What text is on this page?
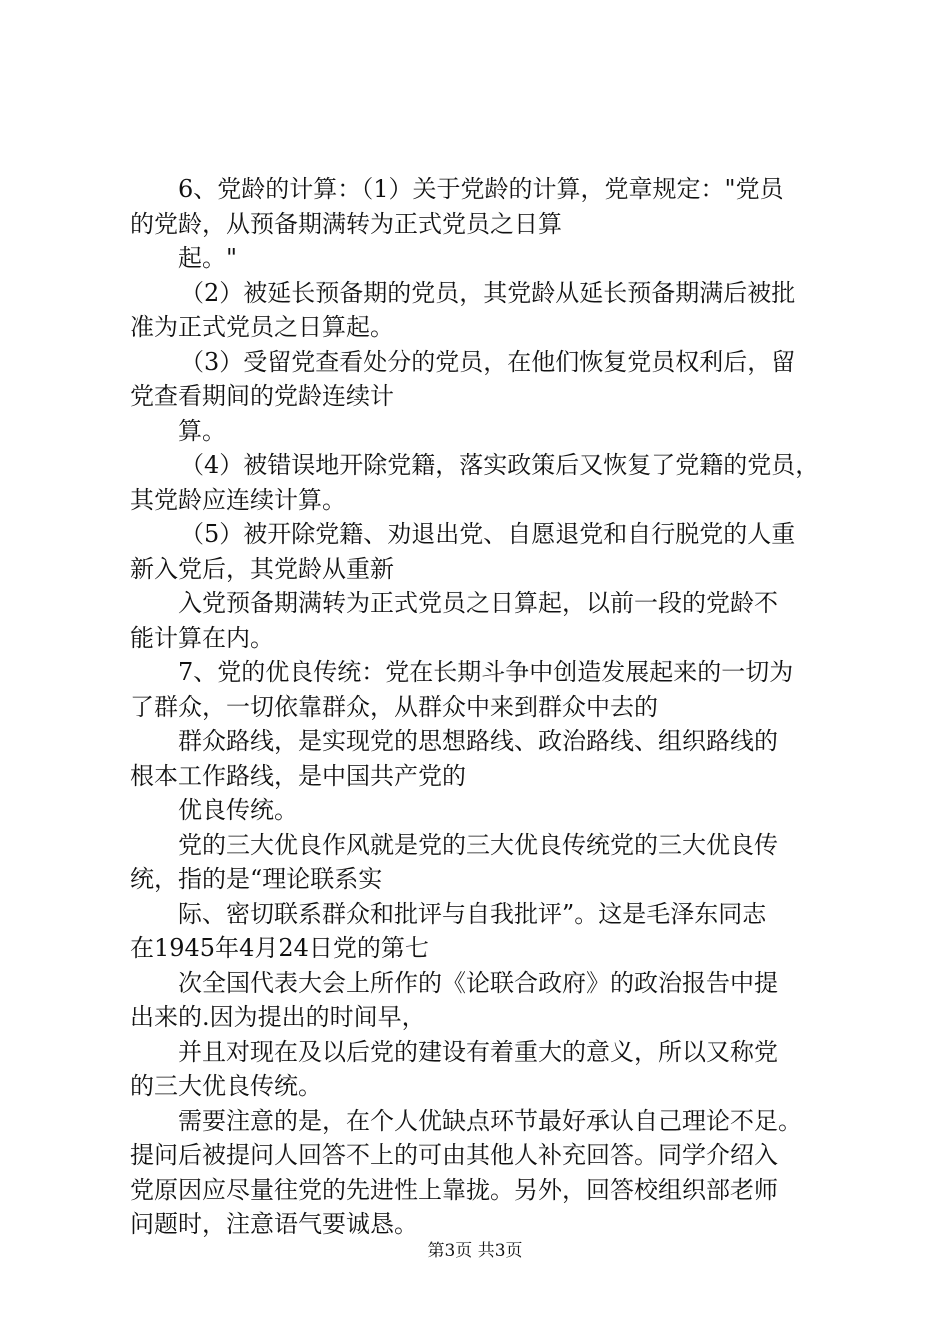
6、党龄的计算：（1）关于党龄的计算，党章规定："党员
的党龄，从预备期满转为正式党员之日算
起。"
（2）被延长预备期的党员，其党龄从延长预备期满后被批
准为正式党员之日算起。
（3）受留党查看处分的党员，在他们恢复党员权利后，留
党查看期间的党龄连续计
算。
（4）被错误地开除党籍，落实政策后又恢复了党籍的党员，
其党龄应连续计算。
（5）被开除党籍、劝退出党、自愿退党和自行脱党的人重
新入党后，其党龄从重新
入党预备期满转为正式党员之日算起，以前一段的党龄不
能计算在内。
7、党的优良传统：党在长期斗争中创造发展起来的一切为
了群众，一切依靠群众，从群众中来到群众中去的
群众路线，是实现党的思想路线、政治路线、组织路线的
根本工作路线，是中国共产党的
优良传统。
党的三大优良作风就是党的三大优良传统党的三大优良传
统，指的是“理论联系实
际、密切联系群众和批评与自我批评”。这是毛泽东同志
在1945年4月24日党的第七
次全国代表大会上所作的《论联合政府》的政治报告中提
出来的.因为提出的时间早，
并且对现在及以后党的建设有着重大的意义，所以又称党
的三大优良传统。
需要注意的是，在个人优缺点环节最好承认自己理论不足。
提问后被提问人回答不上的可由其他人补充回答。同学介绍入
党原因应尽量往党的先进性上靠拢。另外，回答校组织部老师
问题时，注意语气要诚恳。
第3页 共3页
